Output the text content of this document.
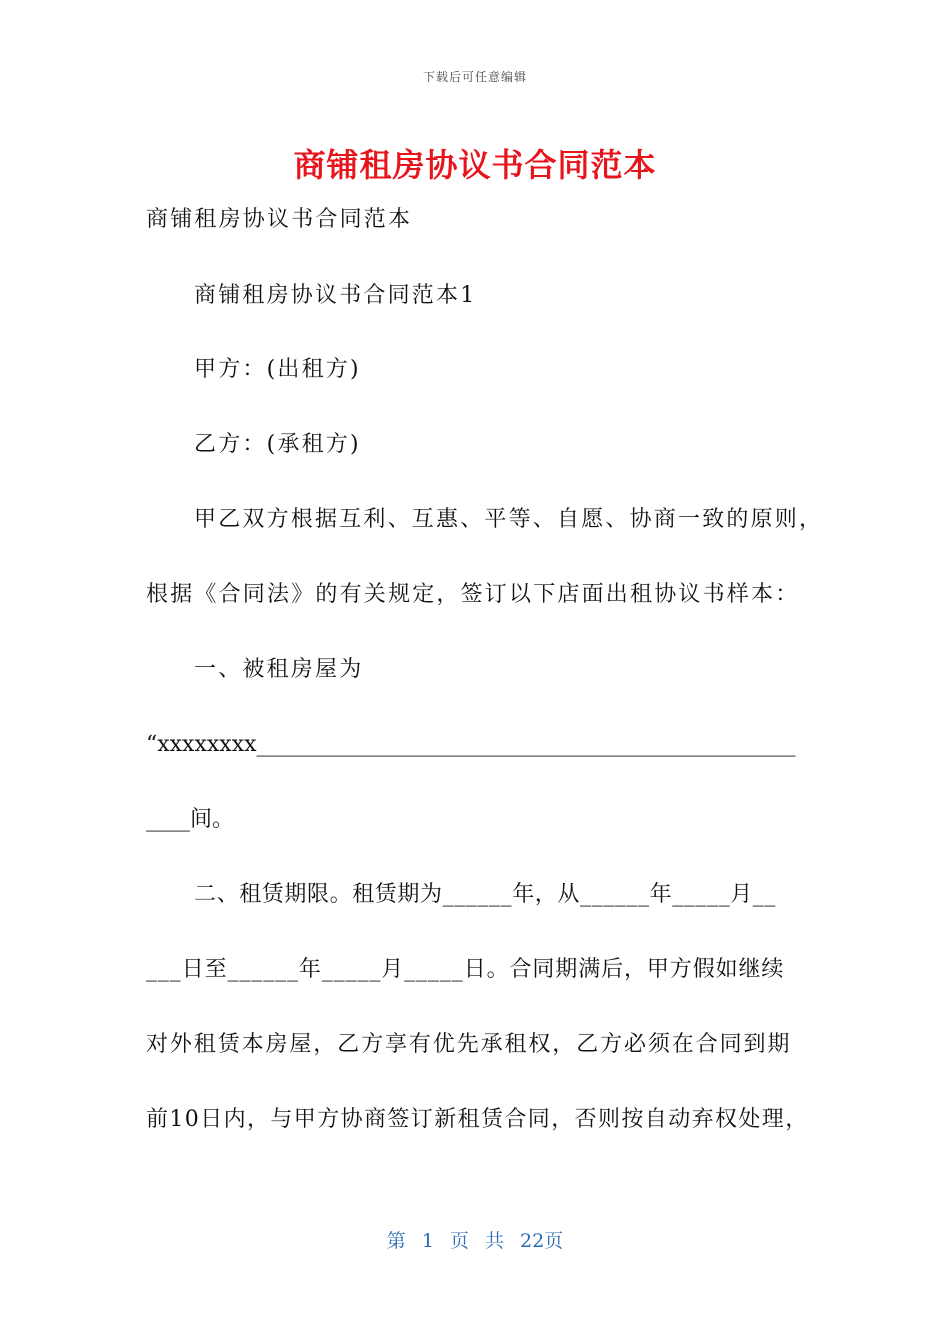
下载后可任意编辑
商铺租房协议书合同范本
商铺租房协议书合同范本
商铺租房协议书合同范本1
甲方：(出租方)
乙方：(承租方)
甲乙双方根据互利、互惠、平等、自愿、协商一致的原则，
根据《合同法》的有关规定，签订以下店面出租协议书样本：
一、被租房屋为
“xxxxxxxx_________________________________________________
____间。
二、租赁期限。租赁期为______年，从______年_____月__
___日至______年_____月_____日。合同期满后，甲方假如继续
对外租赁本房屋，乙方享有优先承租权，乙方必须在合同到期
前10日内，与甲方协商签订新租赁合同，否则按自动弃权处理，
第 1 页 共 22页
